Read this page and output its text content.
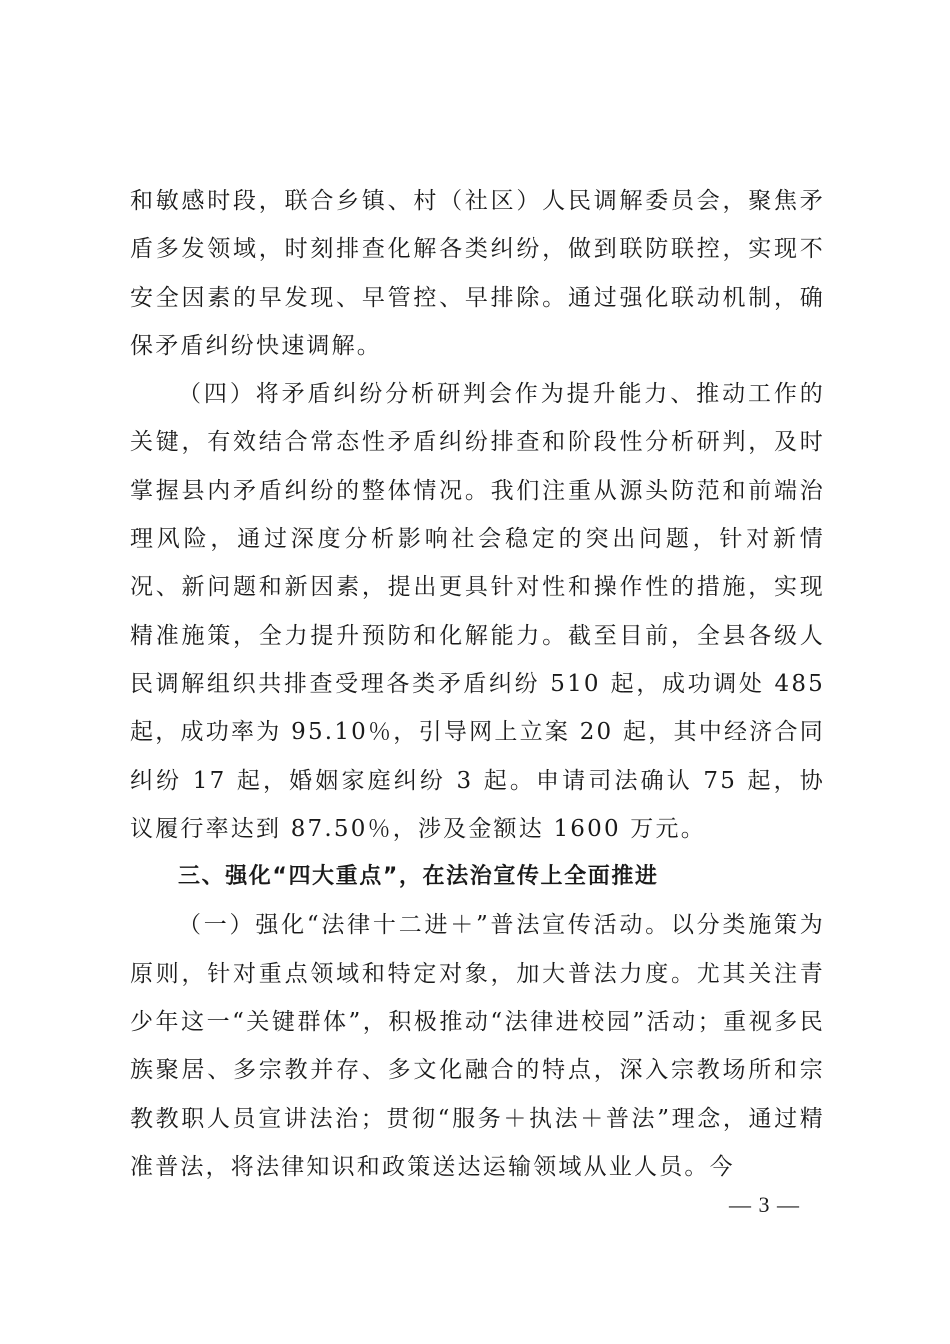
和敏感时段，联合乡镇、村（社区）人民调解委员会，聚焦矛盾多发领域，时刻排查化解各类纠纷，做到联防联控，实现不安全因素的早发现、早管控、早排除。通过强化联动机制，确保矛盾纠纷快速调解。

（四）将矛盾纠纷分析研判会作为提升能力、推动工作的关键，有效结合常态性矛盾纠纷排查和阶段性分析研判，及时掌握县内矛盾纠纷的整体情况。我们注重从源头防范和前端治理风险，通过深度分析影响社会稳定的突出问题，针对新情况、新问题和新因素，提出更具针对性和操作性的措施，实现精准施策，全力提升预防和化解能力。截至目前，全县各级人民调解组织共排查受理各类矛盾纠纷 510 起，成功调处 485 起，成功率为 95.10％，引导网上立案 20 起，其中经济合同纠纷 17 起，婚姻家庭纠纷 3 起。申请司法确认 75 起，协议履行率达到 87.50％，涉及金额达 1600 万元。

三、强化“四大重点”，在法治宣传上全面推进

（一）强化“法律十二进＋”普法宣传活动。以分类施策为原则，针对重点领域和特定对象，加大普法力度。尤其关注青少年这一“关键群体”，积极推动“法律进校园”活动；重视多民族聚居、多宗教并存、多文化融合的特点，深入宗教场所和宗教教职人员宣讲法治；贯彻“服务＋执法＋普法”理念，通过精准普法，将法律知识和政策送达运输领域从业人员。今

— 3 —
